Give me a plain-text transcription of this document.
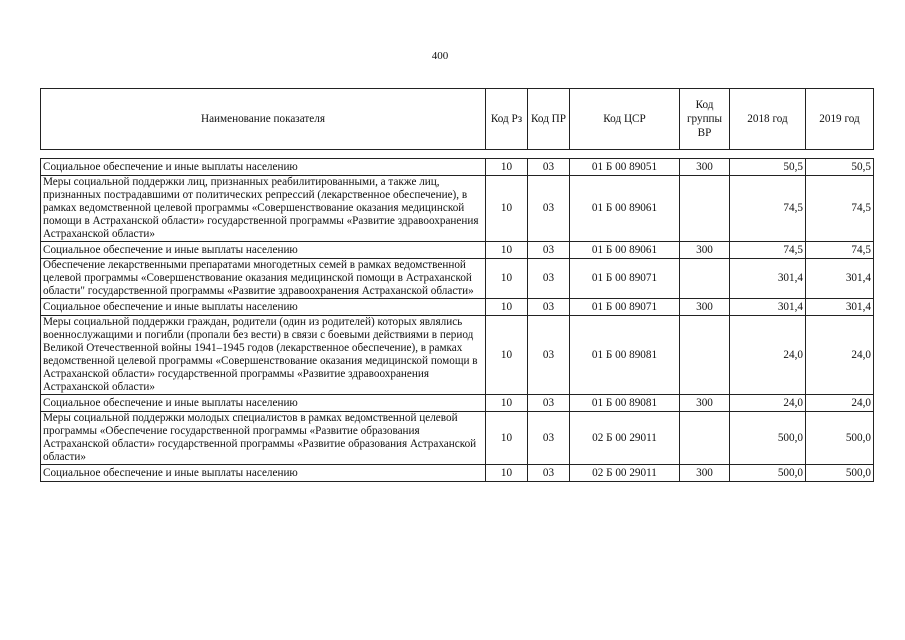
400
Наименование показателя	Код Рз	Код ПР	Код ЦСР	Код группы ВР	2018 год	2019 год

Социальное обеспечение и иные выплаты населению	10	03	01 Б 00 89051	300	50,5	50,5
Меры социальной поддержки лиц, признанных реабилитированными, а также лиц, признанных пострадавшими от политических репрессий (лекарственное обеспечение), в рамках ведомственной целевой программы «Совершенствование оказания медицинской помощи в Астраханской области» государственной программы «Развитие здравоохранения Астраханской области»	10	03	01 Б 00 89061		74,5	74,5
Социальное обеспечение и иные выплаты населению	10	03	01 Б 00 89061	300	74,5	74,5
Обеспечение лекарственными препаратами многодетных семей в рамках ведомственной целевой программы «Совершенствование оказания медицинской помощи в Астраханской области" государственной программы «Развитие здравоохранения Астраханской области»	10	03	01 Б 00 89071		301,4	301,4
Социальное обеспечение и иные выплаты населению	10	03	01 Б 00 89071	300	301,4	301,4
Меры социальной поддержки граждан, родители (один из родителей) которых являлись военнослужащими и погибли (пропали без вести) в связи с боевыми действиями в период Великой Отечественной войны 1941–1945 годов (лекарственное обеспечение), в рамках ведомственной целевой программы «Совершенствование оказания медицинской помощи в Астраханской области» государственной программы «Развитие здравоохранения Астраханской области»	10	03	01 Б 00 89081		24,0	24,0
Социальное обеспечение и иные выплаты населению	10	03	01 Б 00 89081	300	24,0	24,0
Меры социальной поддержки молодых специалистов в рамках ведомственной целевой программы «Обеспечение государственной программы «Развитие образования Астраханской области» государственной программы «Развитие образования Астраханской области»	10	03	02 Б 00 29011		500,0	500,0
Социальное обеспечение и иные выплаты населению	10	03	02 Б 00 29011	300	500,0	500,0
